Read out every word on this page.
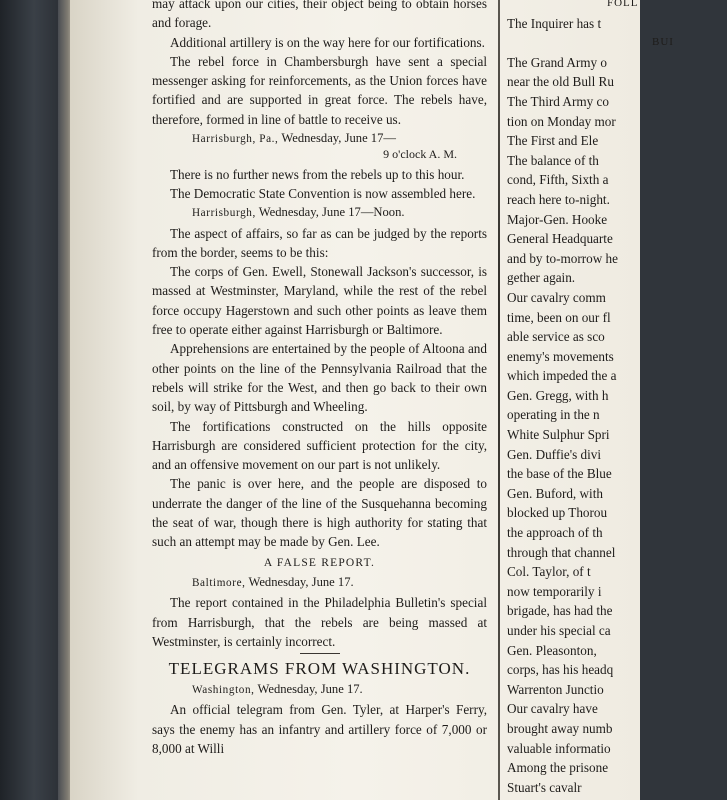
may attack upon our cities, their object being to obtain horses and forage.

Additional artillery is on the way here for our fortifications.

The rebel force in Chambersburgh have sent a special messenger asking for reinforcements, as the Union forces have fortified and are supported in great force. The rebels have, therefore, formed in line of battle to receive us.

Harrisburgh, Pa., Wednesday, June 17—

9 o'clock A. M.

There is no further news from the rebels up to this hour.

The Democratic State Convention is now assembled here.

Harrisburgh, Wednesday, June 17—Noon.

The aspect of affairs, so far as can be judged by the reports from the border, seems to be this:

The corps of Gen. Ewell, Stonewall Jackson's successor, is massed at Westminster, Maryland, while the rest of the rebel force occupy Hagerstown and such other points as leave them free to operate either against Harrisburgh or Baltimore.

Apprehensions are entertained by the people of Altoona and other points on the line of the Pennsylvania Railroad that the rebels will strike for the West, and then go back to their own soil, by way of Pittsburgh and Wheeling.

The fortifications constructed on the hills opposite Harrisburgh are considered sufficient protection for the city, and an offensive movement on our part is not unlikely.

The panic is over here, and the people are disposed to underrate the danger of the line of the Susquehanna becoming the seat of war, though there is high authority for stating that such an attempt may be made by Gen. Lee.

A FALSE REPORT.

Baltimore, Wednesday, June 17.

The report contained in the Philadelphia Bulletin's special from Harrisburgh, that the rebels are being massed at Westminster, is certainly incorrect.

TELEGRAMS FROM WASHINGTON.

Washington, Wednesday, June 17.

An official telegram from Gen. Tyler, at Harper's Ferry, says the enemy has an infantry and artillery force of 7,000 or 8,000 at Willi

FOLL
The Inquirer has t
BUI
The Grand Army o
near the old Bull Ru
The Third Army co
tion on Monday mor
The First and Ele
The balance of th
cond, Fifth, Sixth a
reach here to-night.
Major-Gen. Hooke
General Headquarte
and by to-morrow he
gether again.
Our cavalry comm
time, been on our fl
able service as sco
enemy's movements
which impeded the a
Gen. Gregg, with h
operating in the n
White Sulphur Spri
Gen. Duffie's divi
the base of the Blue
Gen. Buford, with
blocked up Thorou
the approach of th
through that channel
Col. Taylor, of t
now temporarily i
brigade, has had the
under his special ca
Gen. Pleasonton,
corps, has his headq
Warrenton Junctio
Our cavalry have
brought away numb
valuable informatio
Among the prisone
Stuart's cavalr
